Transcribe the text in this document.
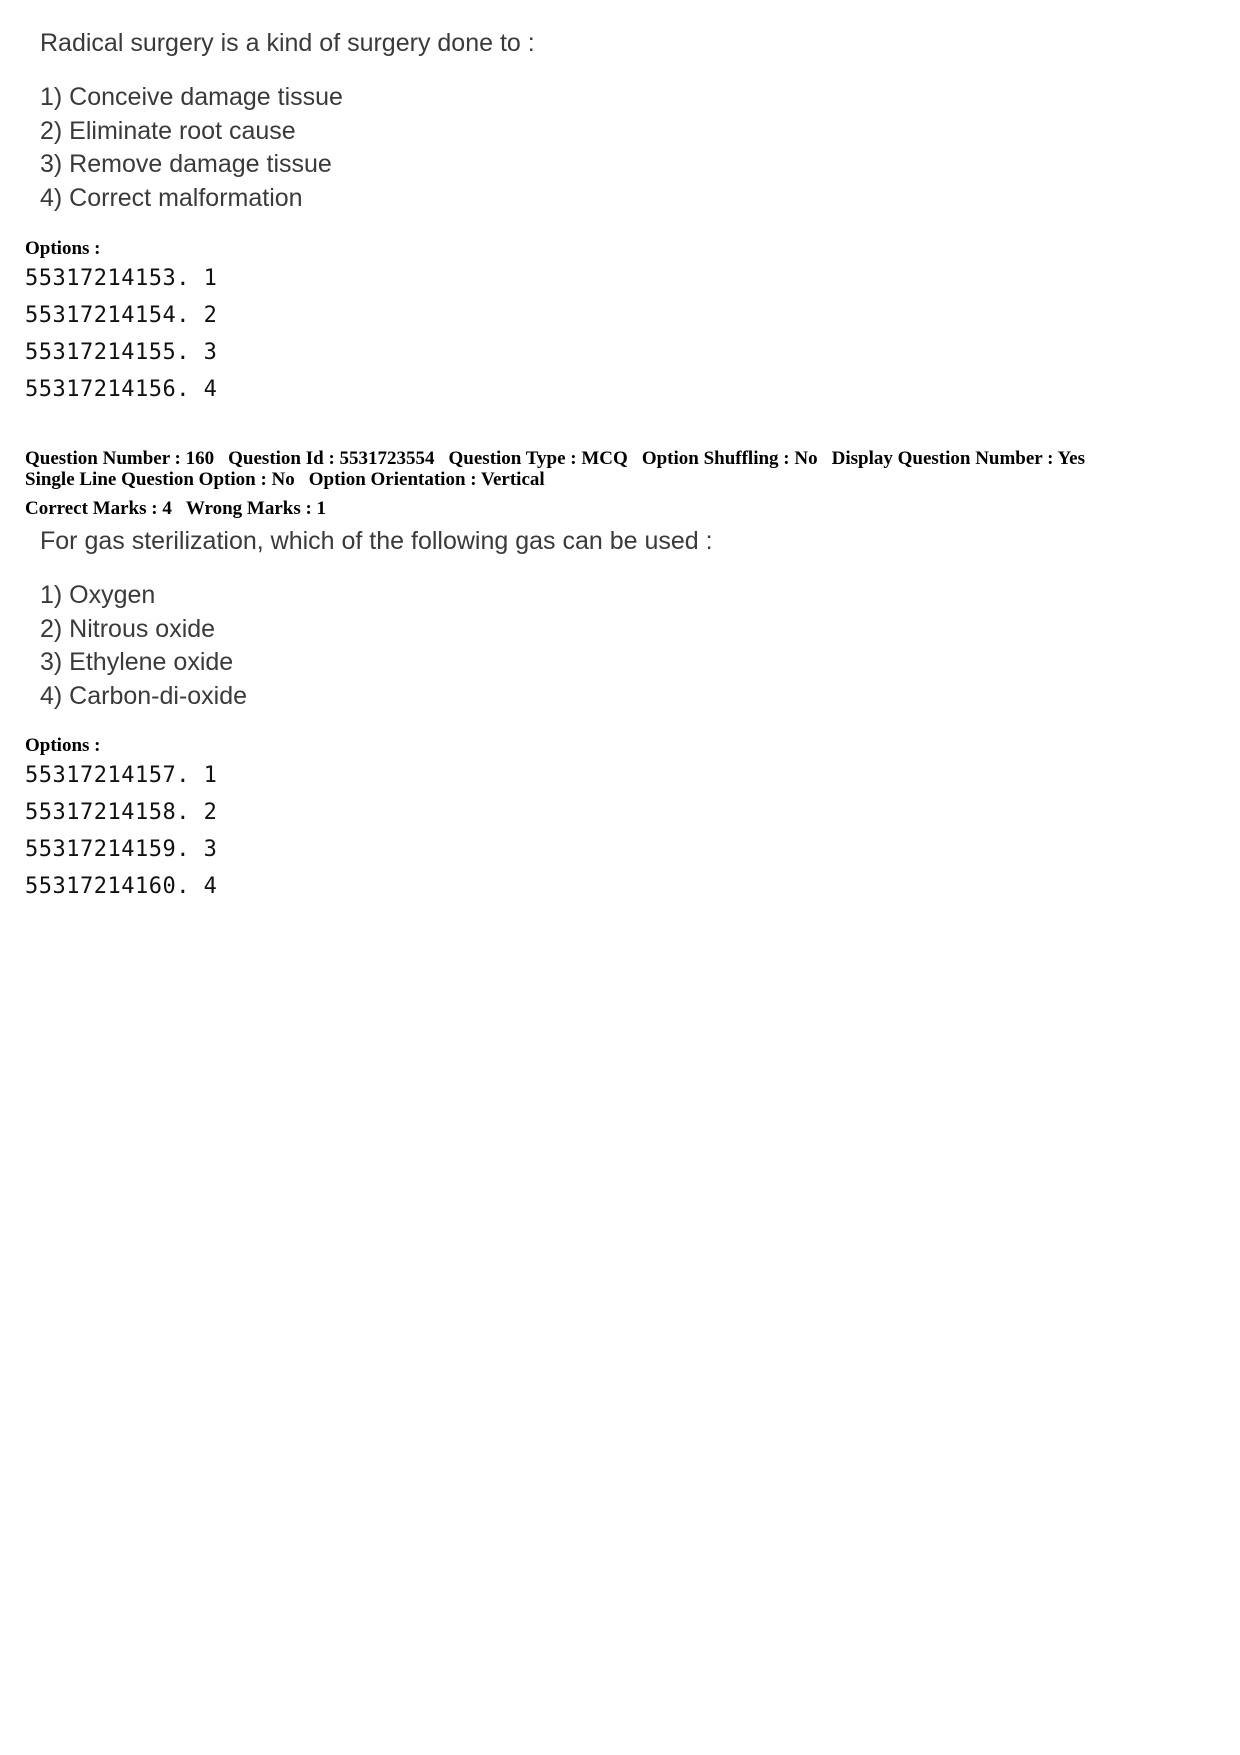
Radical surgery is a kind of surgery done to :
1) Conceive damage tissue
2) Eliminate root cause
3) Remove damage tissue
4) Correct malformation
Options :
55317214153. 1
55317214154. 2
55317214155. 3
55317214156. 4
Question Number : 160 Question Id : 5531723554 Question Type : MCQ Option Shuffling : No Display Question Number : Yes
Single Line Question Option : No Option Orientation : Vertical
Correct Marks : 4 Wrong Marks : 1
For gas sterilization, which of the following gas can be used :
1) Oxygen
2) Nitrous oxide
3) Ethylene oxide
4) Carbon-di-oxide
Options :
55317214157. 1
55317214158. 2
55317214159. 3
55317214160. 4
